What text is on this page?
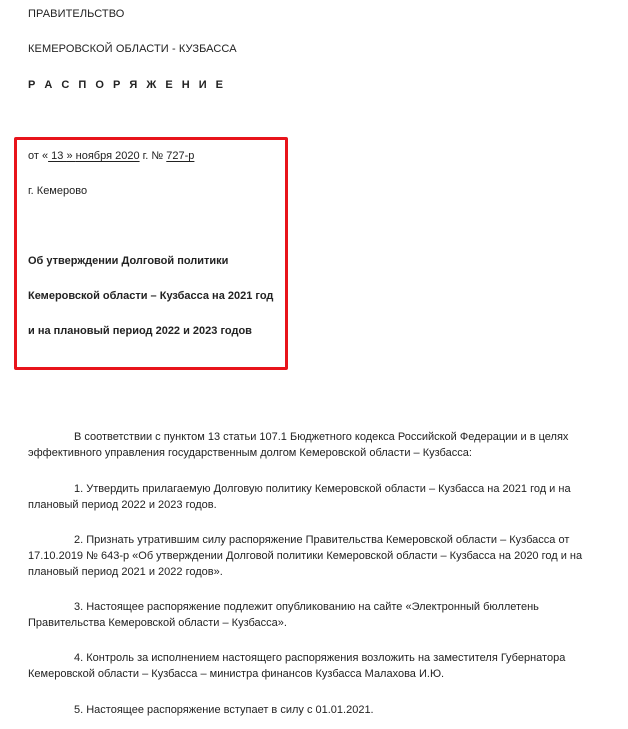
ПРАВИТЕЛЬСТВО
КЕМЕРОВСКОЙ ОБЛАСТИ - КУЗБАССА
Р А С П О Р Я Ж Е Н И Е
от « 13 » ноября 2020 г. № 727-р
г. Кемерово
Об утверждении Долговой политики
Кемеровской области – Кузбасса на 2021 год
и на плановый период 2022 и 2023 годов
В соответствии с пунктом 13 статьи 107.1 Бюджетного кодекса Российской Федерации и в целях
эффективного управления государственным долгом Кемеровской области – Кузбасса:
1. Утвердить прилагаемую Долговую политику Кемеровской области – Кузбасса на 2021 год и на
плановый период 2022 и 2023 годов.
2. Признать утратившим силу распоряжение Правительства Кемеровской области – Кузбасса от
17.10.2019 № 643-р «Об утверждении Долговой политики Кемеровской области – Кузбасса на 2020 год и на
плановый период 2021 и 2022 годов».
3. Настоящее распоряжение подлежит опубликованию на сайте «Электронный бюллетень
Правительства Кемеровской области – Кузбасса».
4. Контроль за исполнением настоящего распоряжения возложить на заместителя Губернатора
Кемеровской области – Кузбасса – министра финансов Кузбасса Малахова И.Ю.
5. Настоящее распоряжение вступает в силу с 01.01.2021.
